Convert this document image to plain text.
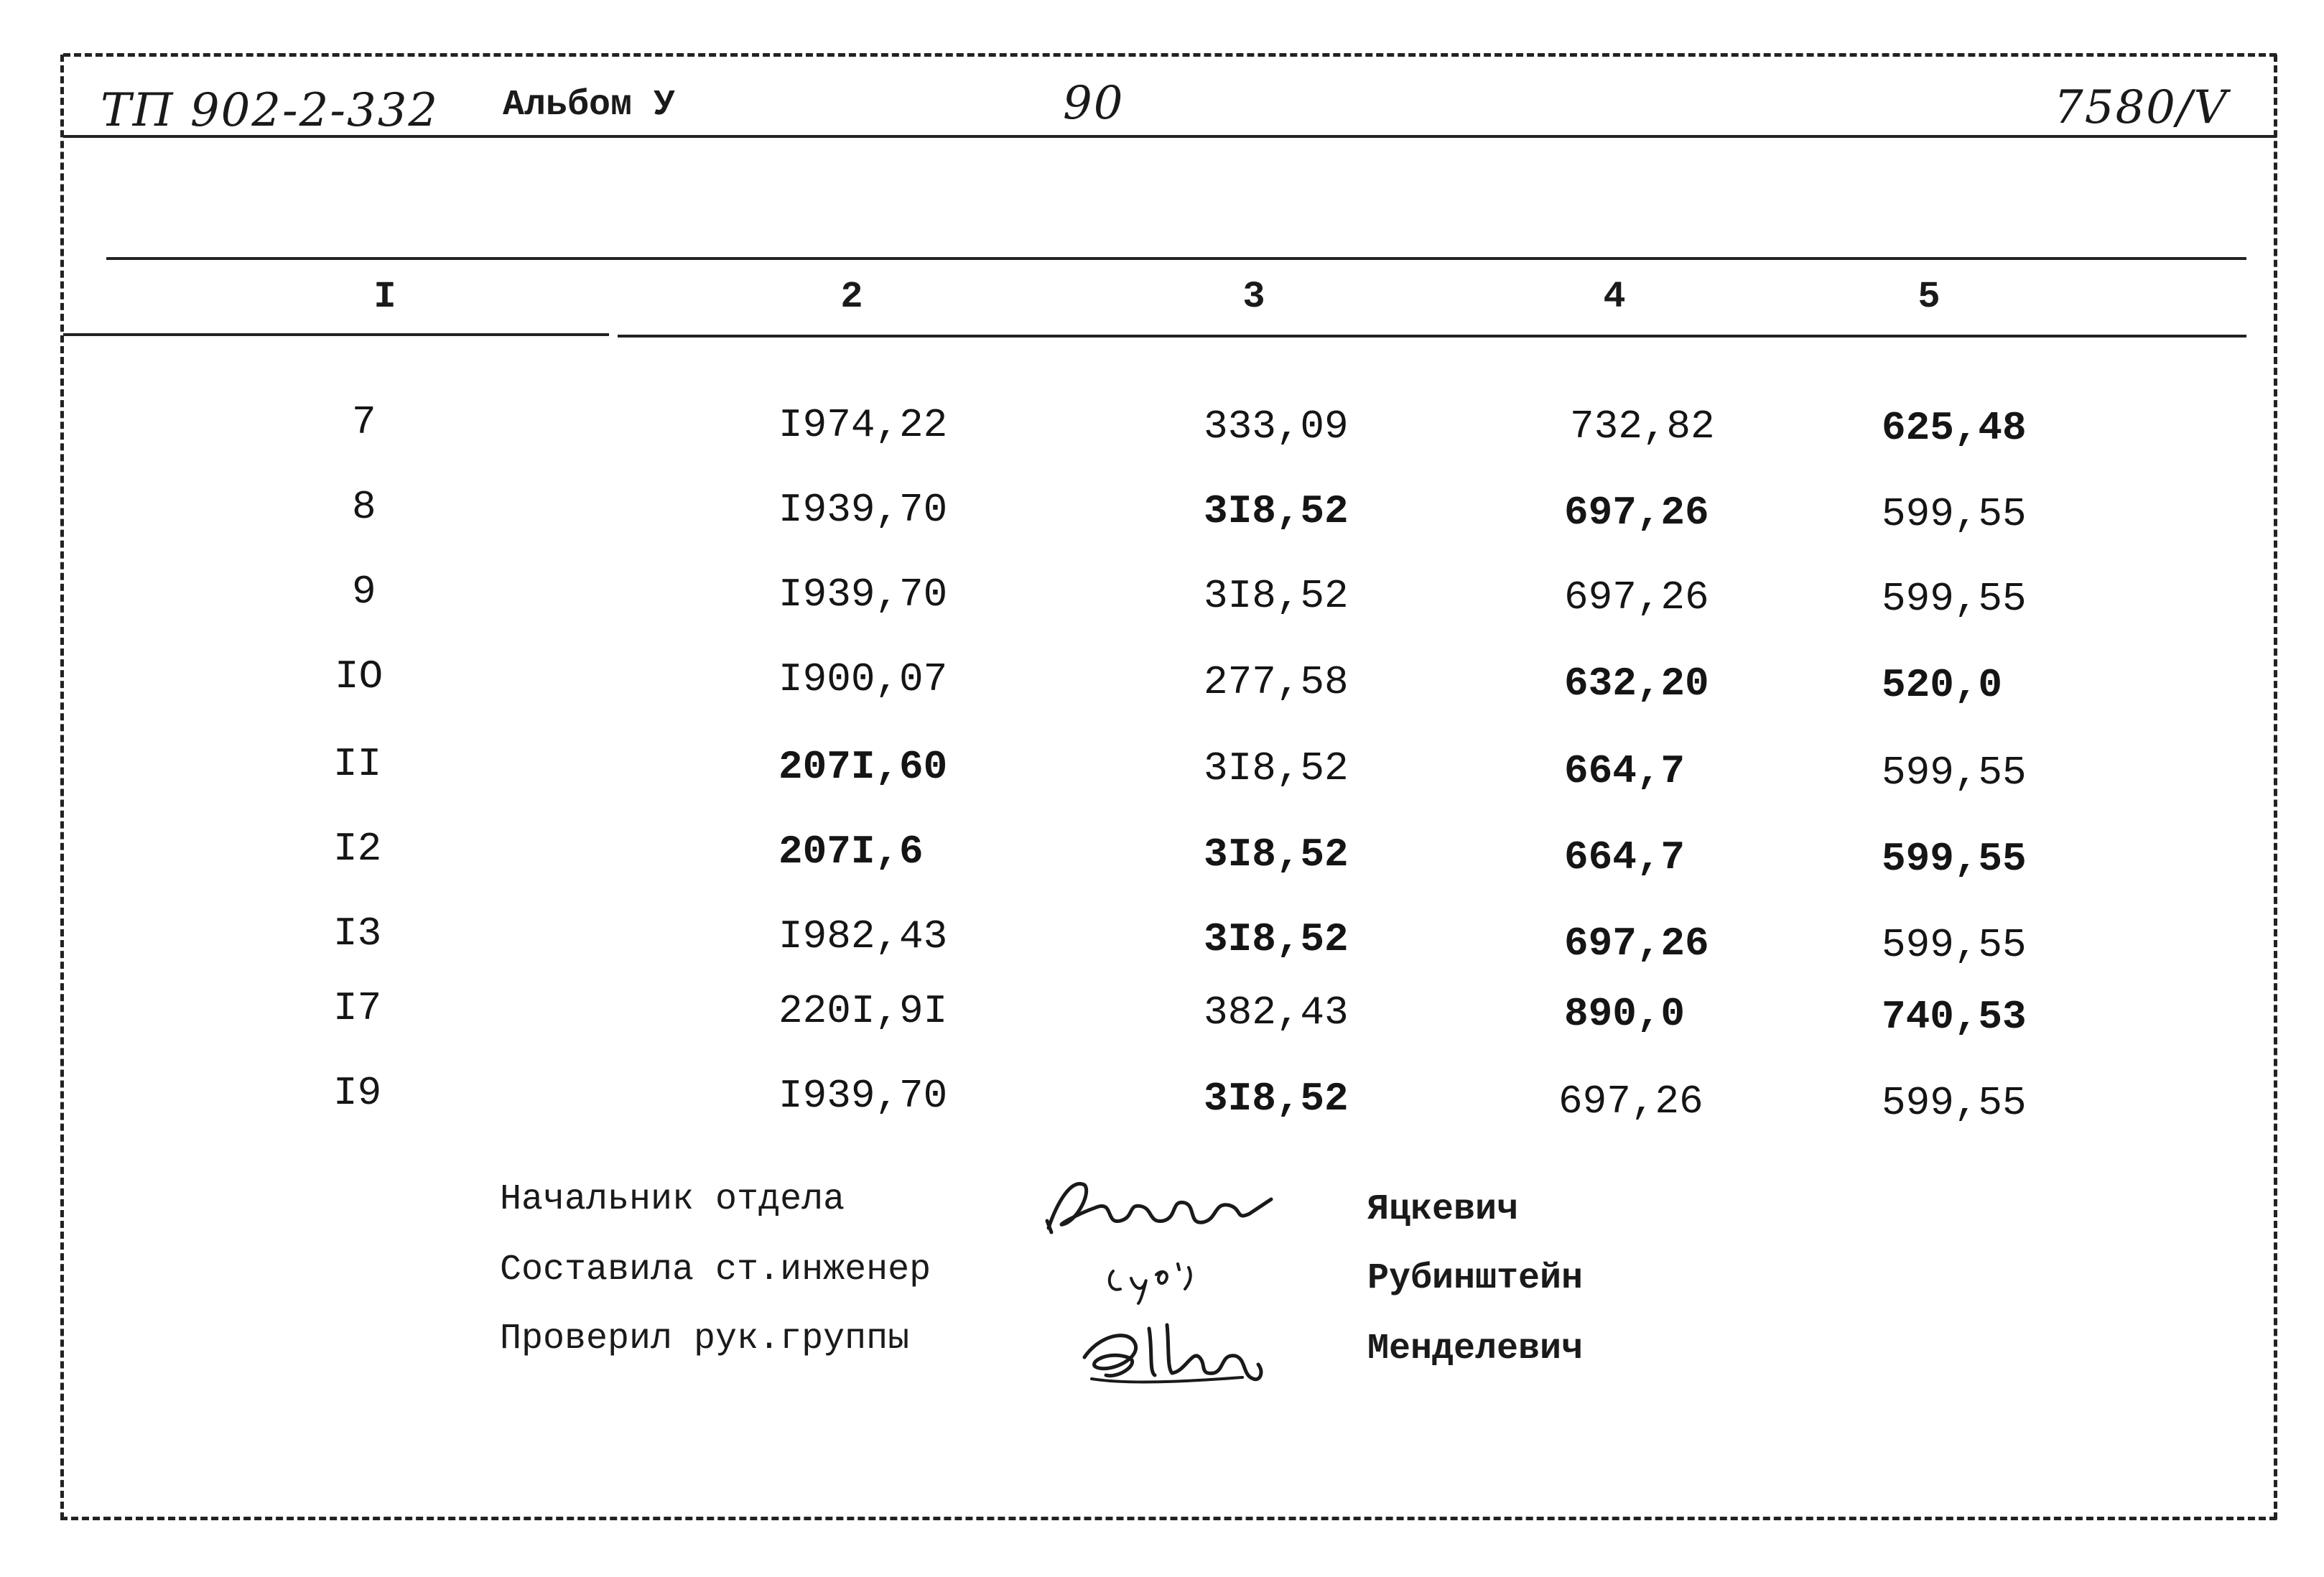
ТП 902-2-332 Альбом У	90	7580/V
I	2	3	4	5
7	I974,22	333,09	732,82	625,48
8	I939,70	3I8,52	697,26	599,55
9	I939,70	3I8,52	697,26	599,55
IO	I900,07	277,58	632,20	520,0
II	207I,60	3I8,52	664,7	599,55
I2	207I,6	3I8,52	664,7	599,55
I3	I982,43	3I8,52	697,26	599,55
I7	220I,9I	382,43	890,0	740,53
I9	I939,70	3I8,52	697,26	599,55
Начальник отдела	Яцкевич
Составила ст.инженер	Рубинштейн
Проверил рук.группы	Менделевич
